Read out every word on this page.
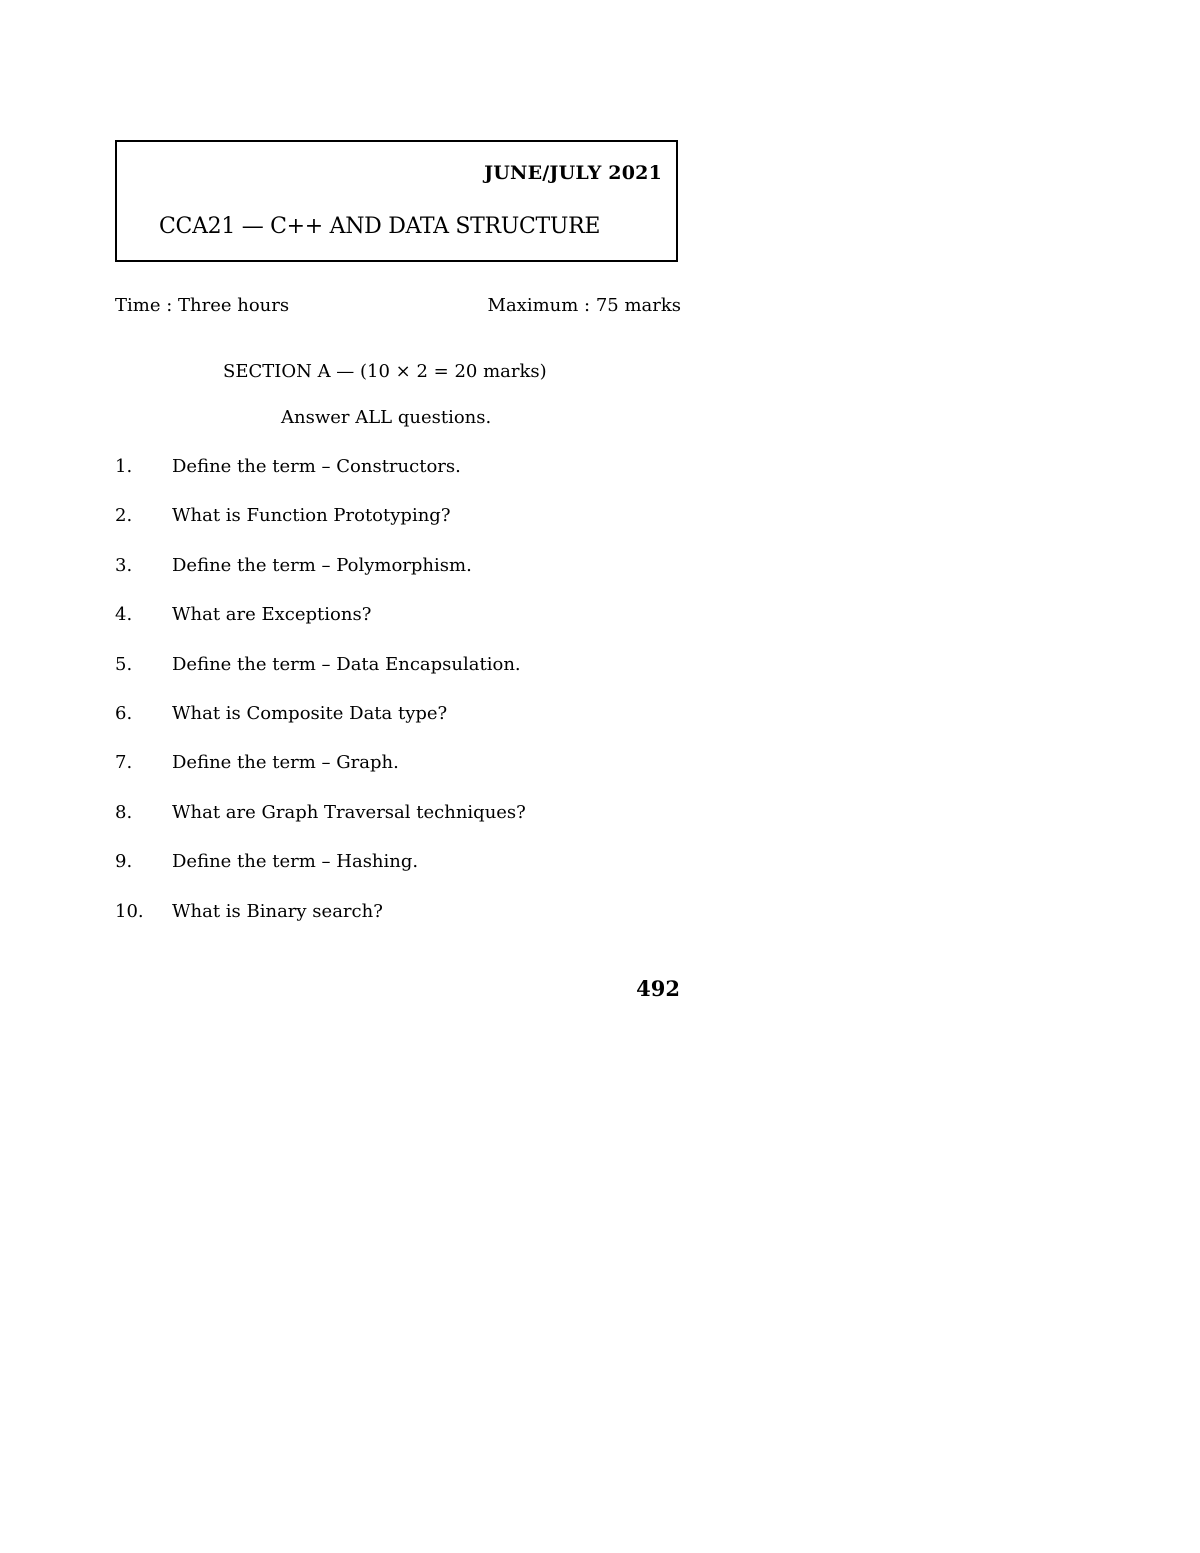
JUNE/JULY 2021
CCA21 — C++ AND DATA STRUCTURE
Time : Three hours	Maximum : 75 marks
SECTION A — (10 × 2 = 20 marks)
Answer ALL questions.
1. Define the term – Constructors.
2. What is Function Prototyping?
3. Define the term – Polymorphism.
4. What are Exceptions?
5. Define the term – Data Encapsulation.
6. What is Composite Data type?
7. Define the term – Graph.
8. What are Graph Traversal techniques?
9. Define the term – Hashing.
10. What is Binary search?
492
